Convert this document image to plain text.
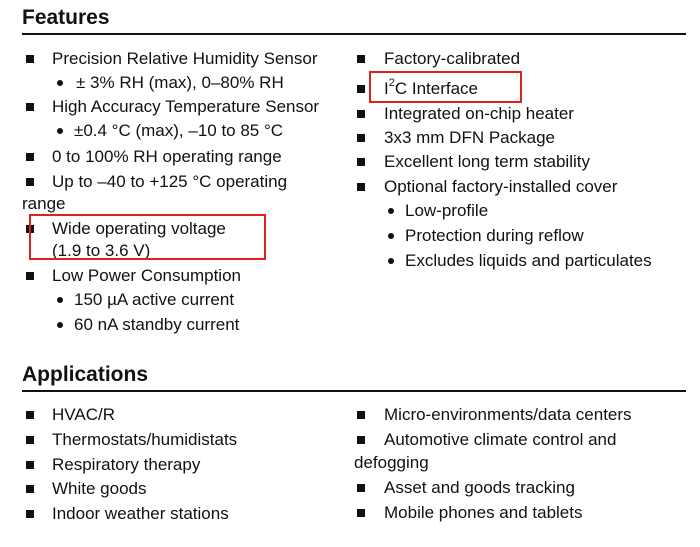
Features
Precision Relative Humidity Sensor
± 3% RH (max), 0–80% RH
High Accuracy Temperature Sensor
±0.4 °C (max), –10 to 85 °C
0 to 100% RH operating range
Up to –40 to +125 °C operating
range
Wide operating voltage
(1.9 to 3.6 V)
Low Power Consumption
150 µA active current
60 nA standby current
Factory-calibrated
$I^2C$ Interface
Integrated on-chip heater
3x3 mm DFN Package
Excellent long term stability
Optional factory-installed cover
Low-profile
Protection during reflow
Excludes liquids and particulates
Applications
HVAC/R
Thermostats/humidistats
Respiratory therapy
White goods
Indoor weather stations
Micro-environments/data centers
Automotive climate control and
defogging
Asset and goods tracking
Mobile phones and tablets
